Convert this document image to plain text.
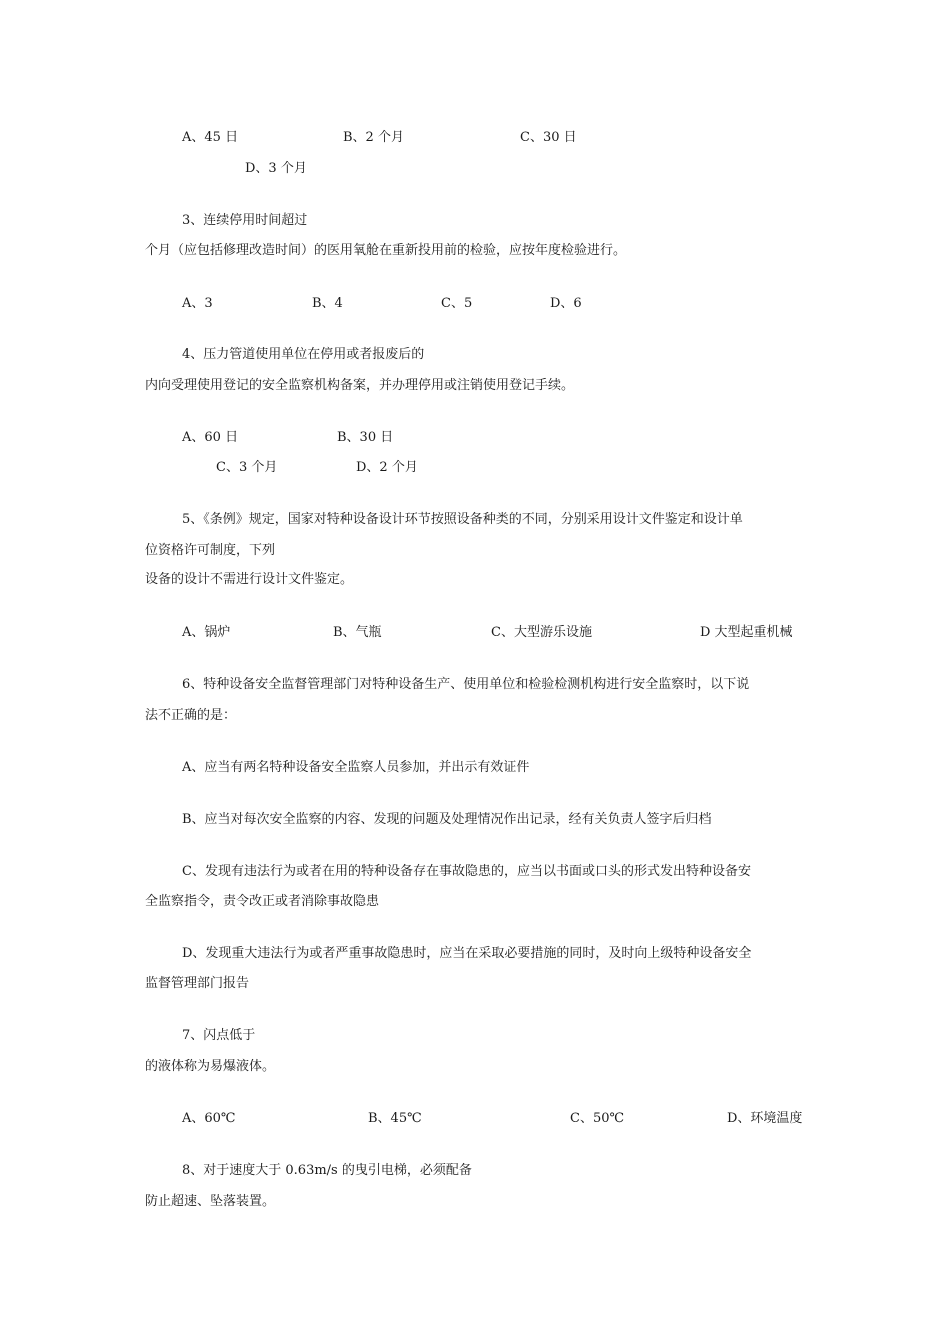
A、45 日	B、2 个月	C、30 日
D、3 个月
3、连续停用时间超过
个月（应包括修理改造时间）的医用氧舱在重新投用前的检验，应按年度检验进行。
A、3	B、4	C、5	D、6
4、压力管道使用单位在停用或者报废后的
内向受理使用登记的安全监察机构备案，并办理停用或注销使用登记手续。
A、60 日	B、30 日
C、3 个月	D、2 个月
5、《条例》规定，国家对特种设备设计环节按照设备种类的不同，分别采用设计文件鉴定和设计单
位资格许可制度，下列
设备的设计不需进行设计文件鉴定。
A、锅炉	B、气瓶	C、大型游乐设施	D 大型起重机械
6、特种设备安全监督管理部门对特种设备生产、使用单位和检验检测机构进行安全监察时，以下说
法不正确的是：
A、应当有两名特种设备安全监察人员参加，并出示有效证件
B、应当对每次安全监察的内容、发现的问题及处理情况作出记录，经有关负责人签字后归档
C、发现有违法行为或者在用的特种设备存在事故隐患的，应当以书面或口头的形式发出特种设备安
全监察指令，责令改正或者消除事故隐患
D、发现重大违法行为或者严重事故隐患时，应当在采取必要措施的同时，及时向上级特种设备安全
监督管理部门报告
7、闪点低于
的液体称为易爆液体。
A、60℃	B、45℃	C、50℃	D、环境温度
8、对于速度大于 0.63m/s 的曳引电梯，必须配备
防止超速、坠落装置。
